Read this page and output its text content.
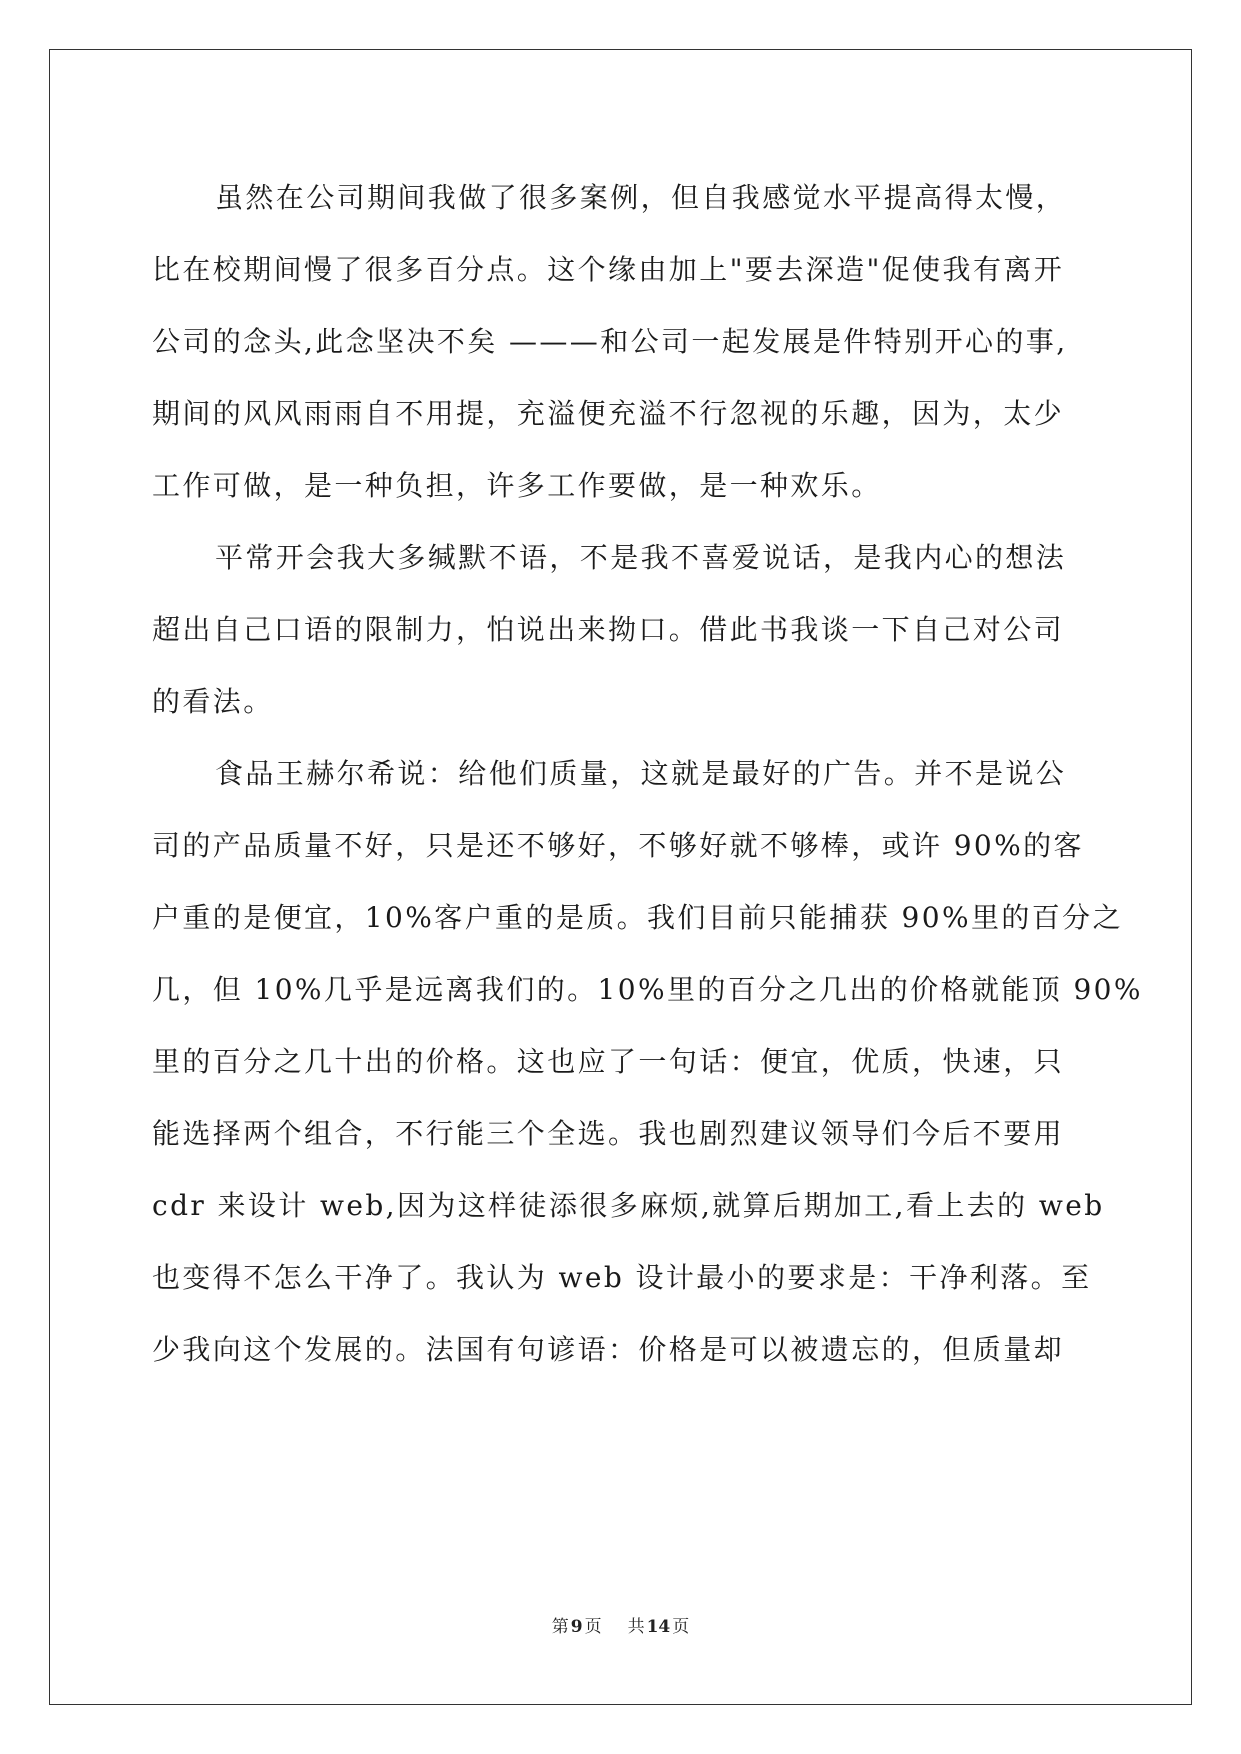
虽然在公司期间我做了很多案例，但自我感觉水平提高得太慢，
比在校期间慢了很多百分点。这个缘由加上"要去深造"促使我有离开
公司的念头,此念坚决不矣 ———和公司一起发展是件特别开心的事,
期间的风风雨雨自不用提，充溢便充溢不行忽视的乐趣，因为，太少
工作可做，是一种负担，许多工作要做，是一种欢乐。
平常开会我大多缄默不语，不是我不喜爱说话，是我内心的想法
超出自己口语的限制力，怕说出来拗口。借此书我谈一下自己对公司
的看法。
食品王赫尔希说：给他们质量，这就是最好的广告。并不是说公
司的产品质量不好，只是还不够好，不够好就不够棒，或许 90%的客
户重的是便宜，10%客户重的是质。我们目前只能捕获 90%里的百分之
几，但 10%几乎是远离我们的。10%里的百分之几出的价格就能顶 90%
里的百分之几十出的价格。这也应了一句话：便宜，优质，快速，只
能选择两个组合，不行能三个全选。我也剧烈建议领导们今后不要用
cdr 来设计 web,因为这样徒添很多麻烦,就算后期加工,看上去的 web
也变得不怎么干净了。我认为 web 设计最小的要求是：干净利落。至
少我向这个发展的。法国有句谚语：价格是可以被遗忘的，但质量却
第 9 页 共 14 页
